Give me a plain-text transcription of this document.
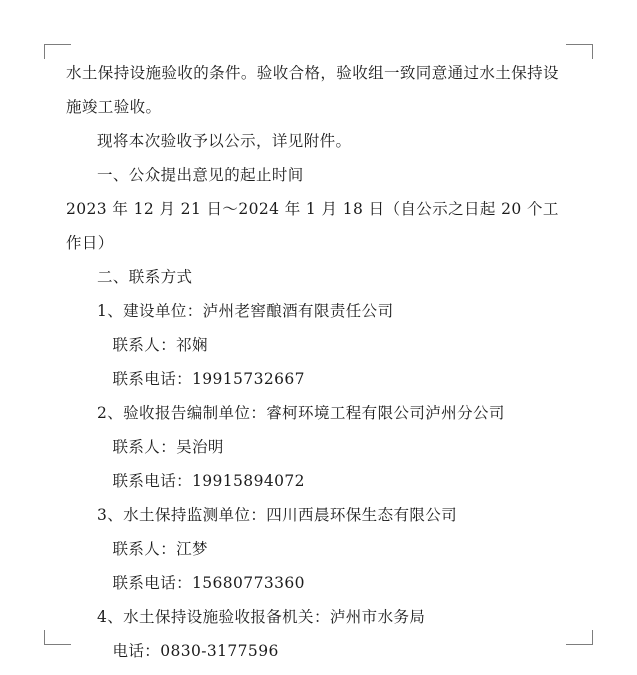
水土保持设施验收的条件。验收合格，验收组一致同意通过水土保持设施竣工验收。

现将本次验收予以公示，详见附件。

一、公众提出意见的起止时间

2023 年 12 月 21 日～2024 年 1 月 18 日（自公示之日起 20 个工作日）

二、联系方式

1、建设单位：泸州老窖酿酒有限责任公司

联系人：祁娴

联系电话：19915732667

2、验收报告编制单位：睿柯环境工程有限公司泸州分公司

联系人：吴治明

联系电话：19915894072

3、水土保持监测单位：四川西晨环保生态有限公司

联系人：江梦

联系电话：15680773360

4、水土保持设施验收报备机关：泸州市水务局

电话：0830-3177596
